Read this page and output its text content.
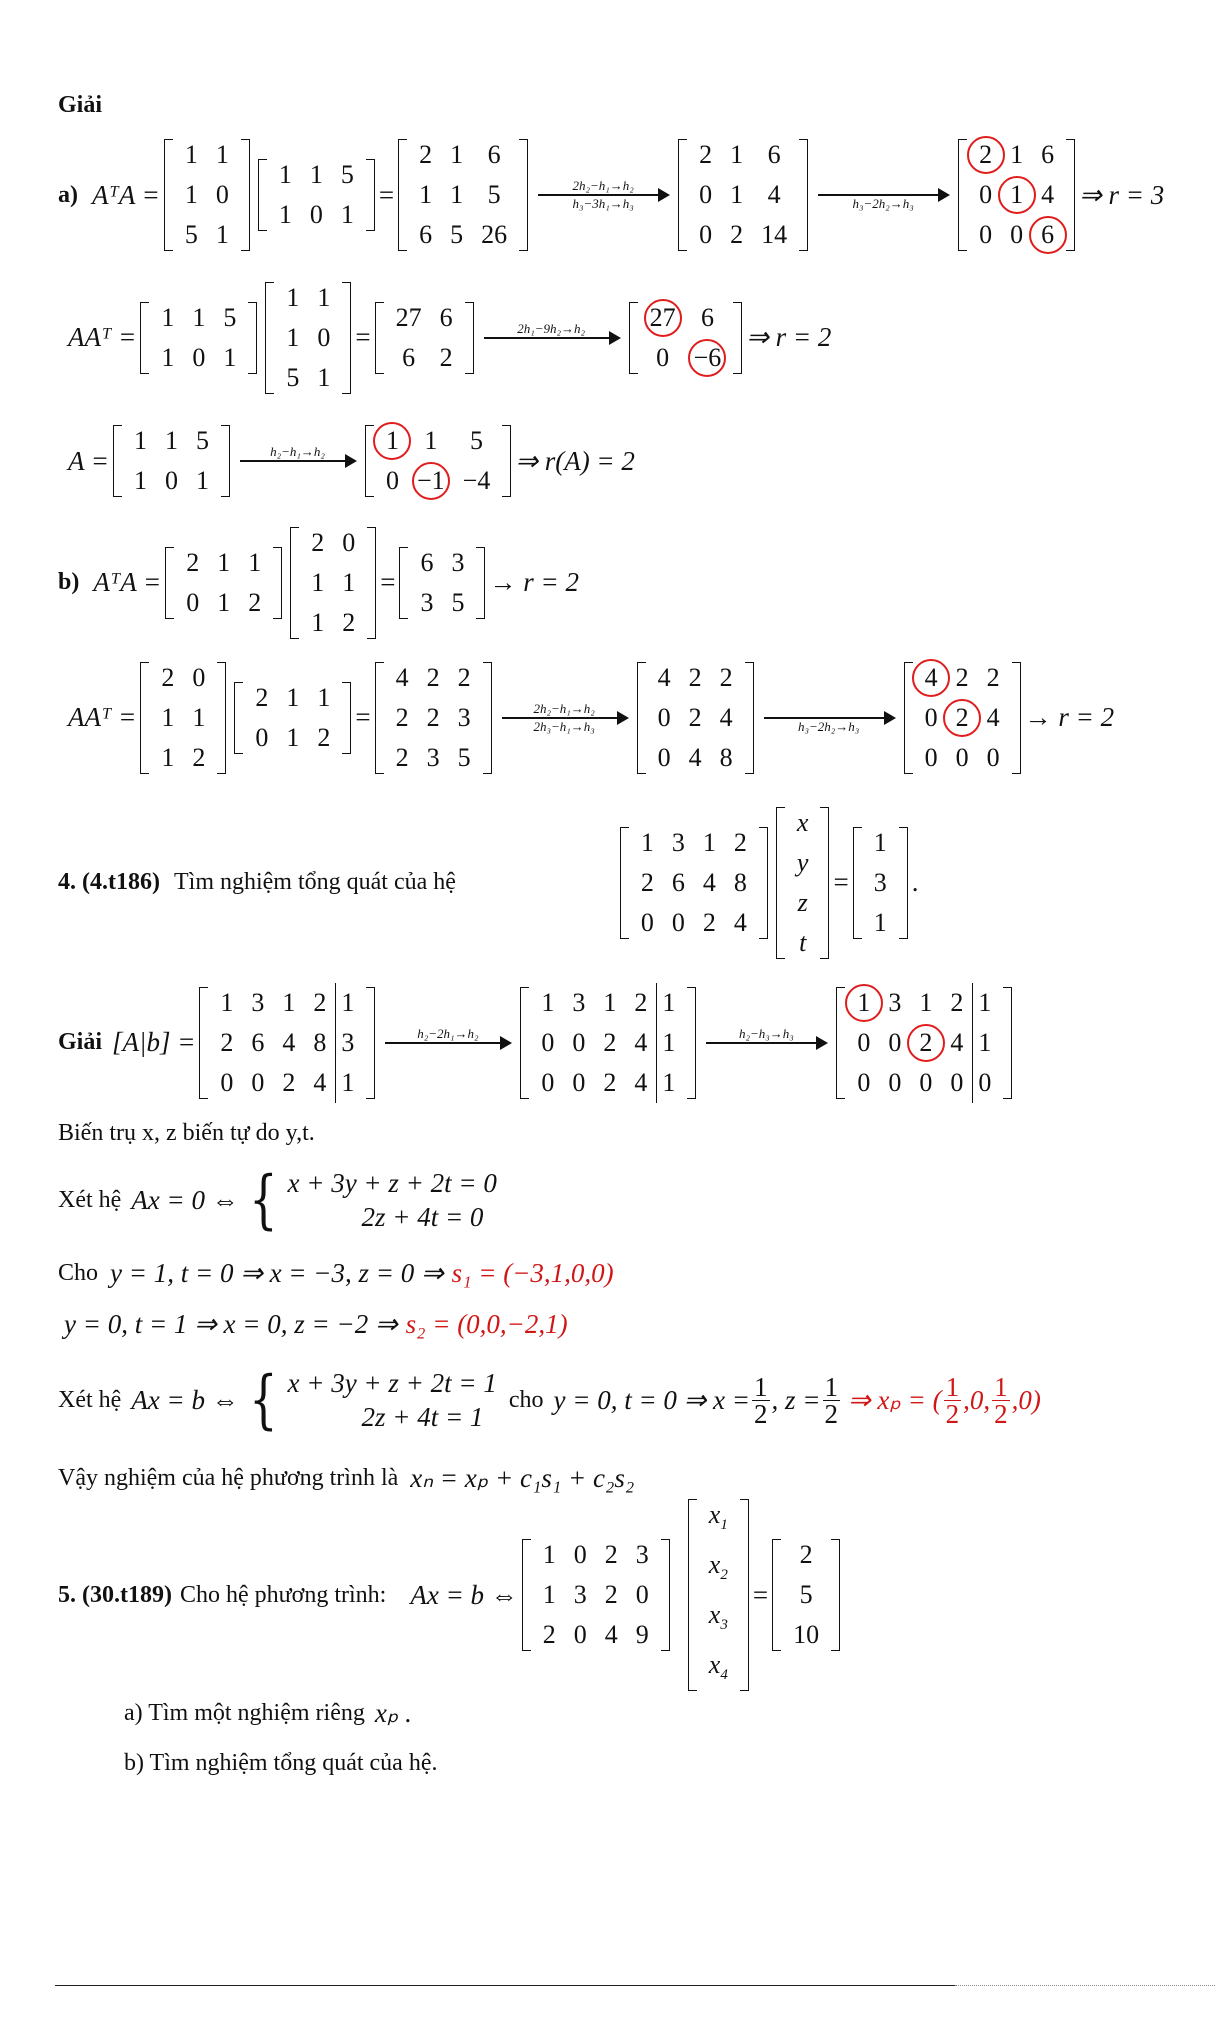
Giải
a) AᵀA =
1	1
1	0
5	1
1	1	5
1	0	1
=
2	1	6
1	1	5
6	5	26
2h₂−h₁→h₂
h₃−3h₁→h₃
2	1	6
0	1	4
0	2	14

h₃−2h₂→h₃
2	1	6
0	1	4
0	0	6
⇒ r = 3
AAᵀ =
1	1	5
1	0	1
1	1
1	0
5	1
=
27	6
6	2
2h₁−9h₂→h₂
27	6
0	−6
⇒ r = 2
A =
1	1	5
1	0	1
h₂−h₁→h₂
1	1	5
0	−1	−4
⇒ r(A) = 2
b) AᵀA =
2	1	1
0	1	2
2	0
1	1
1	2
=
6	3
3	5
→ r = 2
AAᵀ =
2	0
1	1
1	2
2	1	1
0	1	2
=
4	2	2
2	2	3
2	3	5
2h₂−h₁→h₂
2h₃−h₁→h₃
4	2	2
0	2	4
0	4	8

h₃−2h₂→h₃
4	2	2
0	2	4
0	0	0
→ r = 2
4. (4.t186) Tìm nghiệm tổng quát của hệ
1	3	1	2
2	6	4	8
0	0	2	4
x
y
z
t
=
1
3
1
.
Giải [A|b] =
1	3	1	2	1
2	6	4	8	3
0	0	2	4	1
h₂−2h₁→h₂

1	3	1	2	1
0	0	2	4	1
0	0	2	4	1
h₂−h₃→h₃

1	3	1	2	1
0	0	2	4	1
0	0	0	0	0
Biến trụ x, z biến tự do y,t.
Xét hệ Ax = 0 ⇔ { x + 3y + z + 2t = 0
2z + 4t = 0
Cho y = 1, t = 0 ⇒ x = −3, z = 0 ⇒ s₁ = (−3,1,0,0)
y = 0, t = 1 ⇒ x = 0, z = −2 ⇒ s₂ = (0,0,−2,1)
Xét hệ Ax = b ⇔ { x + 3y + z + 2t = 1
2z + 4t = 1
cho y = 0, t = 0 ⇒ $x = \frac{1}{2}$ , $z = \frac{1}{2}$ ⇒ xₚ = ( $\frac{1}{2} ,0$, $\frac{1}{2} ,0$)
Vậy nghiệm của hệ phương trình là xₙ = xₚ + c₁s₁ + c₂s₂
5. (30.t189) Cho hệ phương trình: Ax = b ⇔
1	0	2	3
1	3	2	0
2	0	4	9
$x_1$
$x_2$
$x_3$
$x_4$
=
2
5
10
a) Tìm một nghiệm riêng xₚ .
b) Tìm nghiệm tổng quát của hệ.
